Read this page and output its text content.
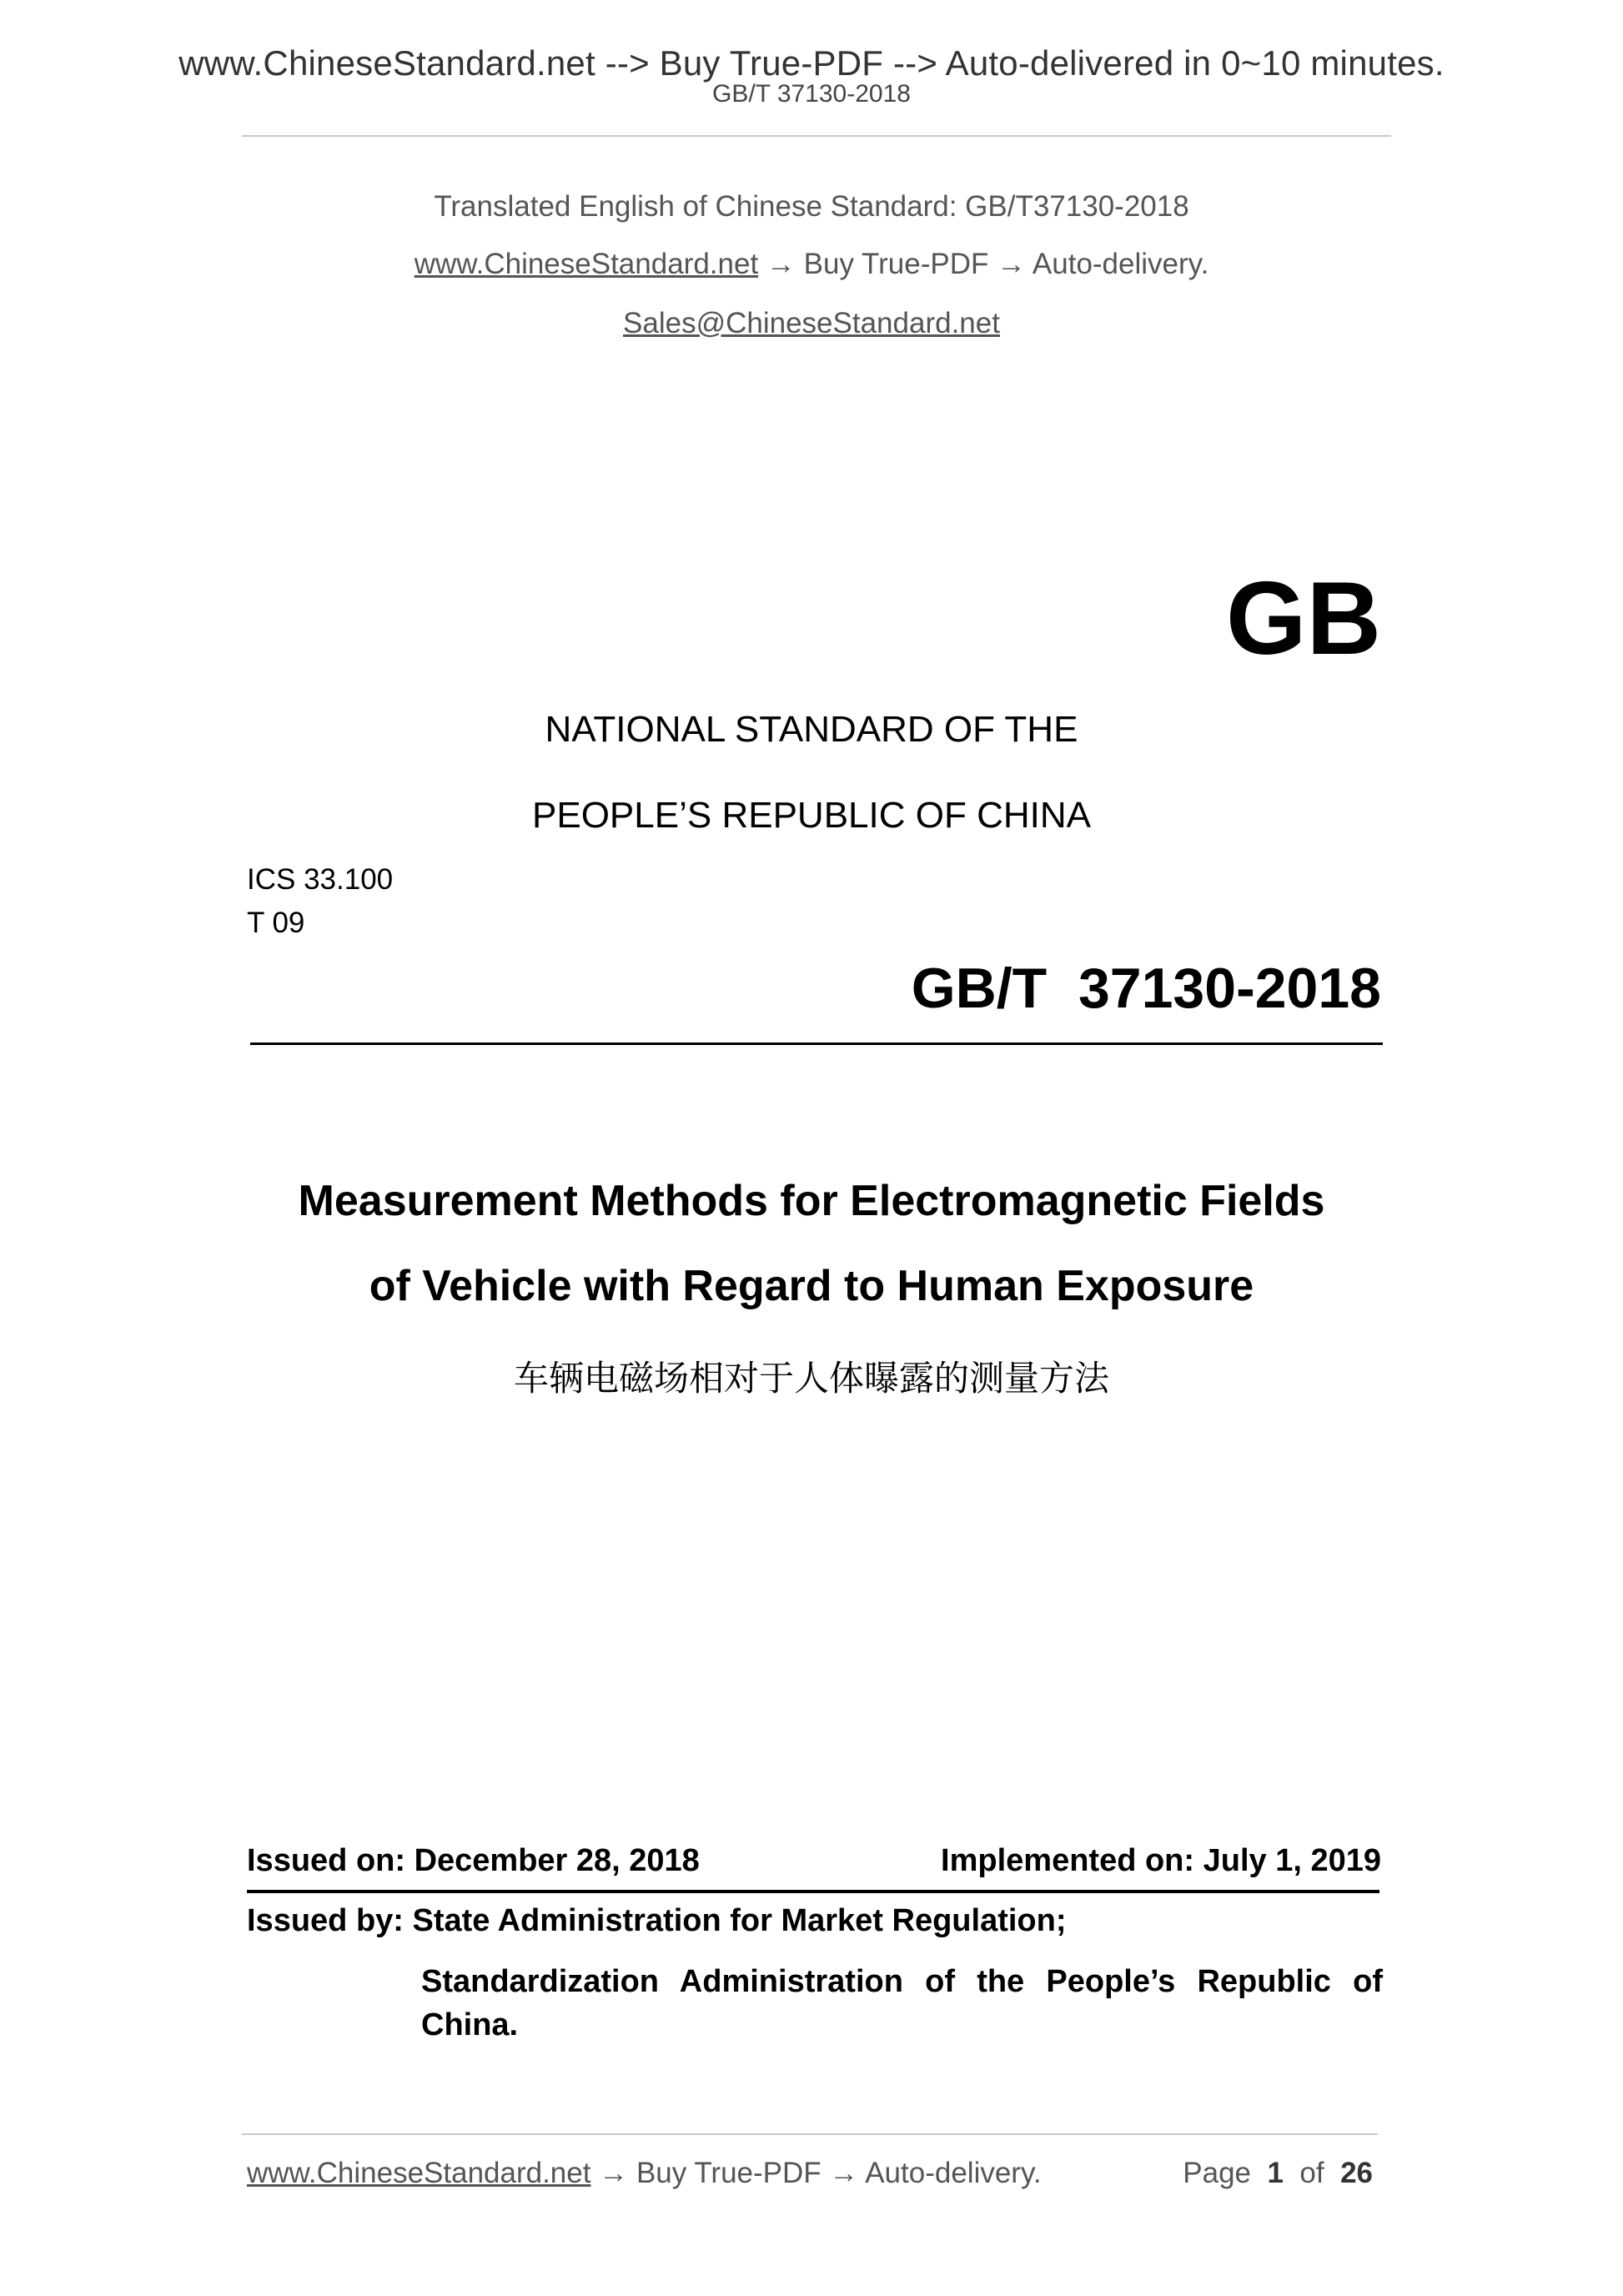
www.ChineseStandard.net --> Buy True-PDF --> Auto-delivered in 0~10 minutes.
GB/T 37130-2018
Translated English of Chinese Standard: GB/T37130-2018
www.ChineseStandard.net → Buy True-PDF → Auto-delivery.
Sales@ChineseStandard.net
GB
NATIONAL STANDARD OF THE
PEOPLE’S REPUBLIC OF CHINA
ICS 33.100
T 09
GB/T  37130-2018
Measurement Methods for Electromagnetic Fields
of Vehicle with Regard to Human Exposure
车辆电磁场相对于人体曝露的测量方法
Issued on: December 28, 2018	Implemented on: July 1, 2019
Issued by: State Administration for Market Regulation;
Standardization Administration of the People’s Republic of China.
www.ChineseStandard.net → Buy True-PDF → Auto-delivery.	Page 1 of 26
